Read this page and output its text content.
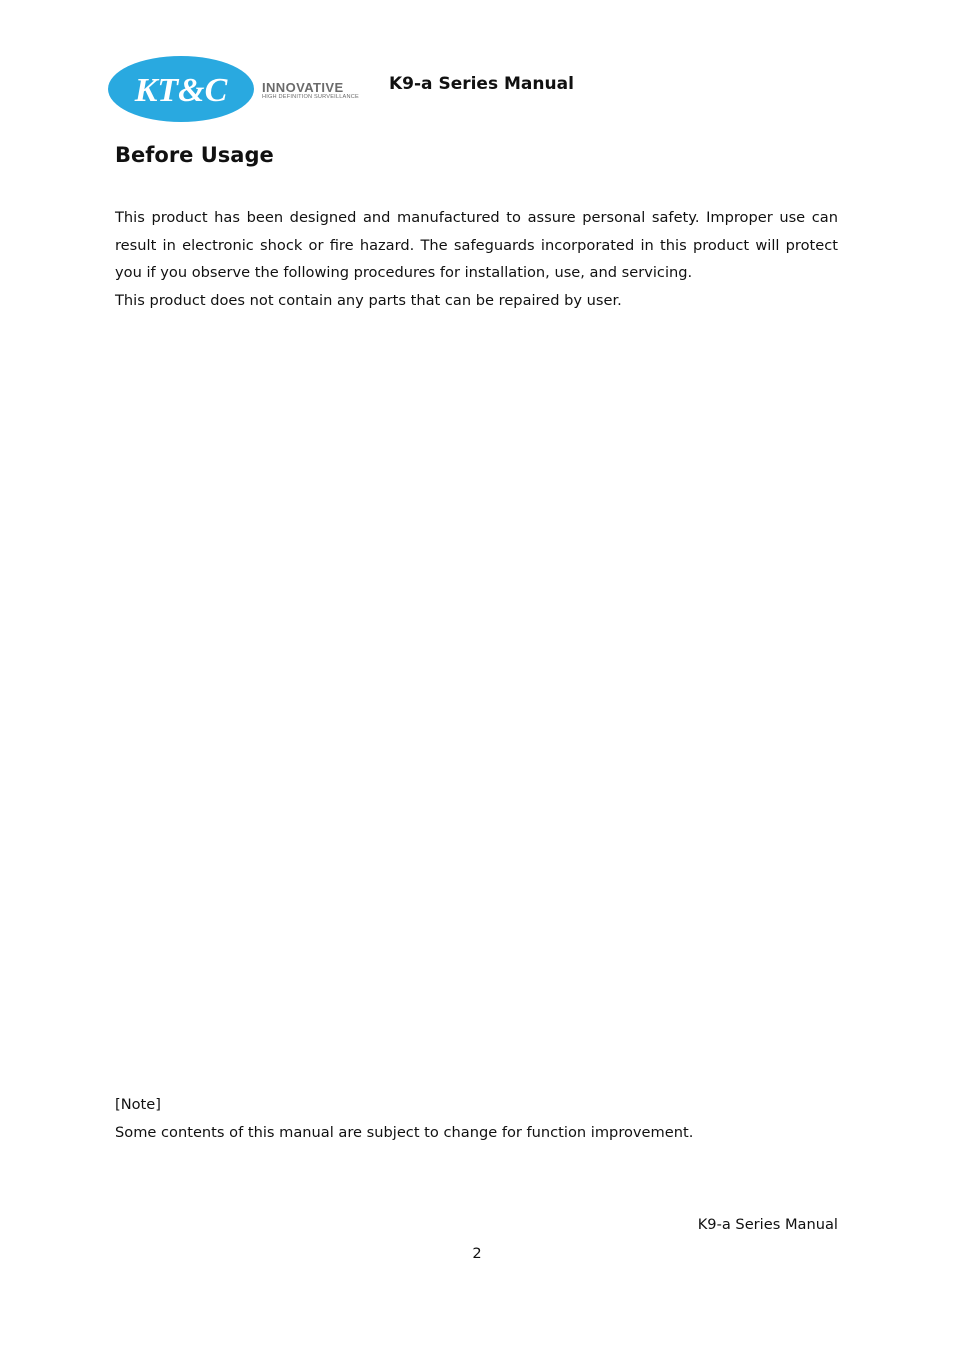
KT&C	INNOVATIVE
HIGH DEFINITION SURVEILLANCE
K9-a Series Manual
Before Usage

This product has been designed and manufactured to assure personal safety. Improper use can result in electronic shock or fire hazard. The safeguards incorporated in this product will protect you if you observe the following procedures for installation, use, and servicing.

This product does not contain any parts that can be repaired by user.

[Note]
Some contents of this manual are subject to change for function improvement.
K9-a Series Manual
2
